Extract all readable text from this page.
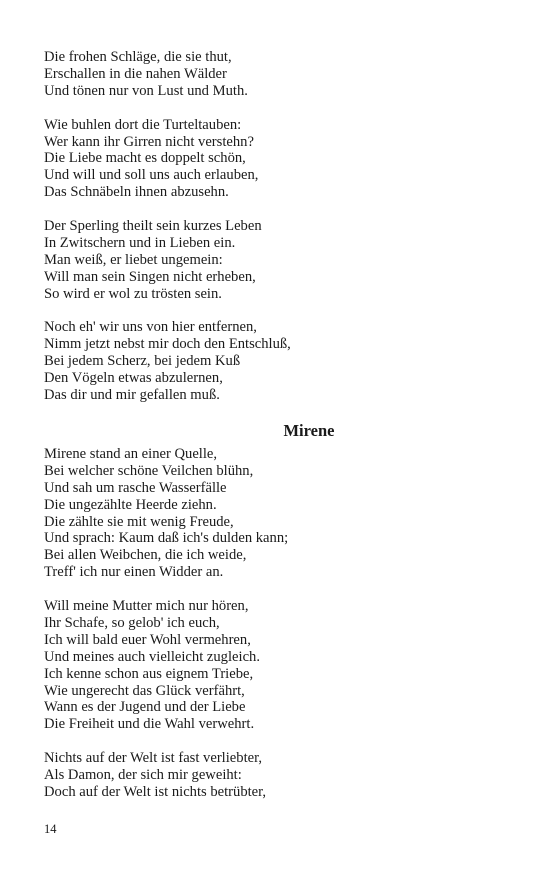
Die frohen Schläge, die sie thut,
Erschallen in die nahen Wälder
Und tönen nur von Lust und Muth.
Wie buhlen dort die Turteltauben:
Wer kann ihr Girren nicht verstehn?
Die Liebe macht es doppelt schön,
Und will und soll uns auch erlauben,
Das Schnäbeln ihnen abzusehn.
Der Sperling theilt sein kurzes Leben
In Zwitschern und in Lieben ein.
Man weiß, er liebet ungemein:
Will man sein Singen nicht erheben,
So wird er wol zu trösten sein.
Noch eh' wir uns von hier entfernen,
Nimm jetzt nebst mir doch den Entschluß,
Bei jedem Scherz, bei jedem Kuß
Den Vögeln etwas abzulernen,
Das dir und mir gefallen muß.
Mirene
Mirene stand an einer Quelle,
Bei welcher schöne Veilchen blühn,
Und sah um rasche Wasserfälle
Die ungezählte Heerde ziehn.
Die zählte sie mit wenig Freude,
Und sprach: Kaum daß ich's dulden kann;
Bei allen Weibchen, die ich weide,
Treff' ich nur einen Widder an.
Will meine Mutter mich nur hören,
Ihr Schafe, so gelob' ich euch,
Ich will bald euer Wohl vermehren,
Und meines auch vielleicht zugleich.
Ich kenne schon aus eignem Triebe,
Wie ungerecht das Glück verfährt,
Wann es der Jugend und der Liebe
Die Freiheit und die Wahl verwehrt.
Nichts auf der Welt ist fast verliebter,
Als Damon, der sich mir geweiht:
Doch auf der Welt ist nichts betrübter,
14
